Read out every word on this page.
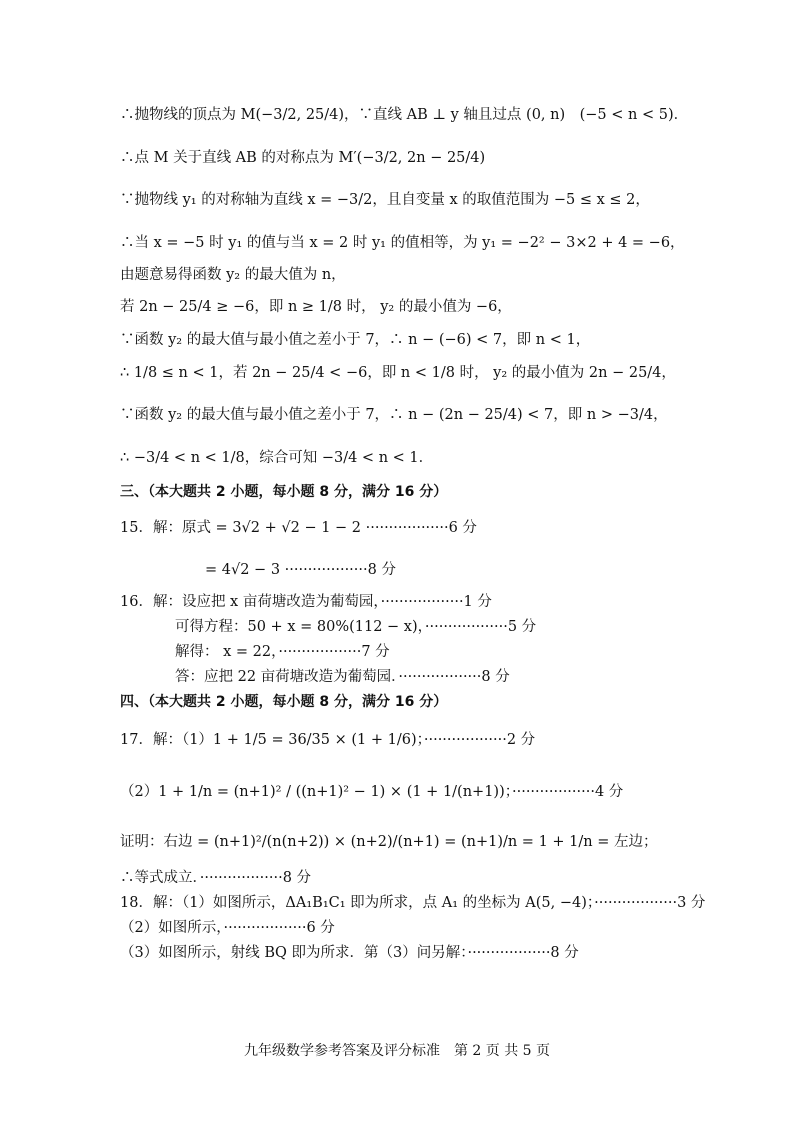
∴抛物线的顶点为 M(−3/2, 25/4)，∵直线 AB ⊥ y 轴且过点 (0, n)　(−5 < n < 5)．
∴点 M 关于直线 AB 的对称点为 M′(−3/2, 2n − 25/4)
∵抛物线 y₁ 的对称轴为直线 x = −3/2，且自变量 x 的取值范围为 −5 ≤ x ≤ 2，
∴当 x = −5 时 y₁ 的值与当 x = 2 时 y₁ 的值相等，为 y₁ = −2² − 3×2 + 4 = −6，
由题意易得函数 y₂ 的最大值为 n，
若 2n − 25/4 ≥ −6，即 n ≥ 1/8 时， y₂ 的最小值为 −6，
∵函数 y₂ 的最大值与最小值之差小于 7，∴ n − (−6) < 7，即 n < 1，
∴ 1/8 ≤ n < 1，若 2n − 25/4 < −6，即 n < 1/8 时， y₂ 的最小值为 2n − 25/4，
∵函数 y₂ 的最大值与最小值之差小于 7，∴ n − (2n − 25/4) < 7，即 n > −3/4，
∴ −3/4 < n < 1/8，综合可知 −3/4 < n < 1．
三、（本大题共 2 小题，每小题 8 分，满分 16 分）
15．解：原式 = 3√2 + √2 − 1 − 2 ··················6 分
= 4√2 − 3 ··················8 分
16．解：设应把 x 亩荷塘改造为葡萄园，··················1 分
可得方程：50 + x = 80%(112 − x)，··················5 分
解得： x = 22，··················7 分
答：应把 22 亩荷塘改造为葡萄园．··················8 分
四、（本大题共 2 小题，每小题 8 分，满分 16 分）
17．解：（1）1 + 1/5 = 36/35 × (1 + 1/6)；··················2 分
（2）1 + 1/n = (n+1)² / ((n+1)² − 1) × (1 + 1/(n+1))；··················4 分
证明：右边 = (n+1)²/(n(n+2)) × (n+2)/(n+1) = (n+1)/n = 1 + 1/n = 左边；
∴等式成立．··················8 分
18．解：（1）如图所示，ΔA₁B₁C₁ 即为所求，点 A₁ 的坐标为 A(5, −4)；··················3 分
（2）如图所示，··················6 分
（3）如图所示，射线 BQ 即为所求．第（3）问另解：··················8 分
九年级数学参考答案及评分标准　第 2 页 共 5 页
